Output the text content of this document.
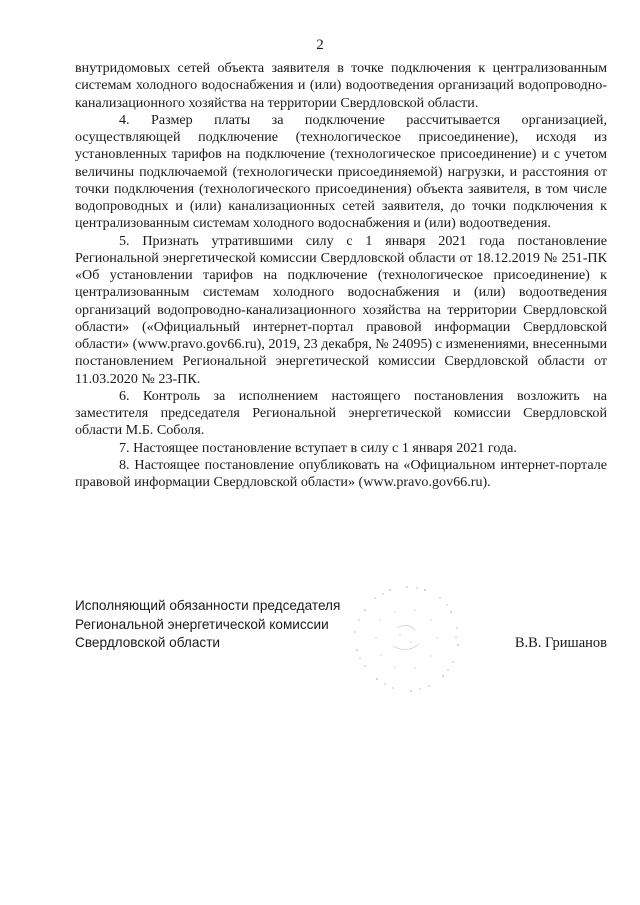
2

внутридомовых сетей объекта заявителя в точке подключения к централизованным системам холодного водоснабжения и (или) водоотведения организаций водопроводно-канализационного хозяйства на территории Свердловской области.

4. Размер платы за подключение рассчитывается организацией, осуществляющей подключение (технологическое присоединение), исходя из установленных тарифов на подключение (технологическое присоединение) и с учетом величины подключаемой (технологически присоединяемой) нагрузки, и расстояния от точки подключения (технологического присоединения) объекта заявителя, в том числе водопроводных и (или) канализационных сетей заявителя, до точки подключения к централизованным системам холодного водоснабжения и (или) водоотведения.

5. Признать утратившими силу с 1 января 2021 года постановление Региональной энергетической комиссии Свердловской области от 18.12.2019 № 251-ПК «Об установлении тарифов на подключение (технологическое присоединение) к централизованным системам холодного водоснабжения и (или) водоотведения организаций водопроводно-канализационного хозяйства на территории Свердловской области» («Официальный интернет-портал правовой информации Свердловской области» (www.pravo.gov66.ru), 2019, 23 декабря, № 24095) с изменениями, внесенными постановлением Региональной энергетической комиссии Свердловской области от 11.03.2020 № 23-ПК.

6. Контроль за исполнением настоящего постановления возложить на заместителя председателя Региональной энергетической комиссии Свердловской области М.Б. Соболя.

7. Настоящее постановление вступает в силу с 1 января 2021 года.

8. Настоящее постановление опубликовать на «Официальном интернет-портале правовой информации Свердловской области» (www.pravo.gov66.ru).

Исполняющий обязанности председателя
Региональной энергетической комиссии
Свердловской области	В.В. Гришанов
